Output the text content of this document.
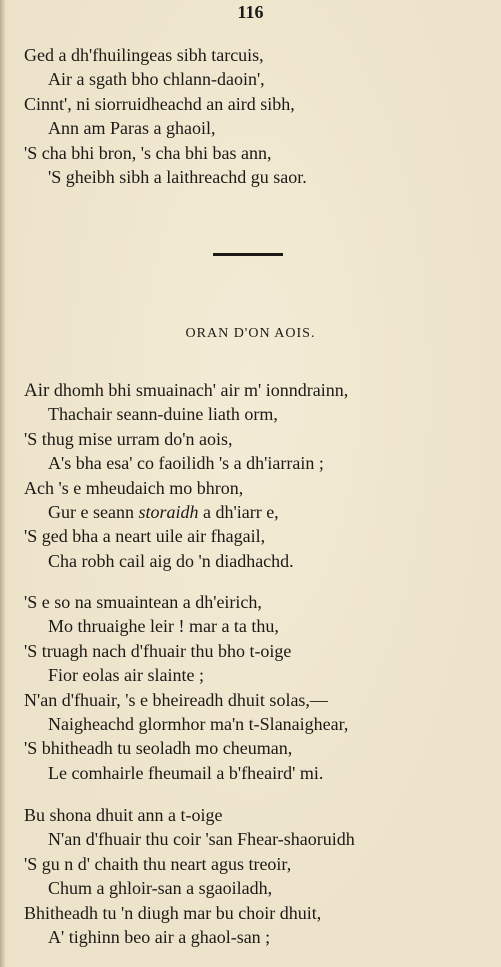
116
Ged a dh'fhuilingeas sibh tarcuis,
Air a sgath bho chlann-daoin',
Cinnt', ni siorruidheachd an aird sibh,
Ann am Paras a ghaoil,
'S cha bhi bron, 's cha bhi bas ann,
'S gheibh sibh a laithreachd gu saor.
ORAN D'ON AOIS.
Air dhomh bhi smuainach' air m' ionndrainn,
Thachair seann-duine liath orm,
'S thug mise urram do'n aois,
A's bha esa' co faoilidh 's a dh'iarrain ;
Ach 's e mheudaich mo bhron,
Gur e seann storaidh a dh'iarr e,
'S ged bha a neart uile air fhagail,
Cha robh cail aig do 'n diadhachd.
'S e so na smuaintean a dh'eirich,
Mo thruaighe leir ! mar a ta thu,
'S truagh nach d'fhuair thu bho t-oige
Fior eolas air slainte ;
N'an d'fhuair, 's e bheireadh dhuit solas,—
Naigheachd glormhor ma'n t-Slanaighear,
'S bhitheadh tu seoladh mo cheuman,
Le comhairle fheumail a b'fheaird' mi.
Bu shona dhuit ann a t-oige
N'an d'fhuair thu coir 'san Fhear-shaoruidh
'S gu n d' chaith thu neart agus treoir,
Chum a ghloir-san a sgaoiladh,
Bhitheadh tu 'n diugh mar bu choir dhuit,
A' tighinn beo air a ghaol-san ;
